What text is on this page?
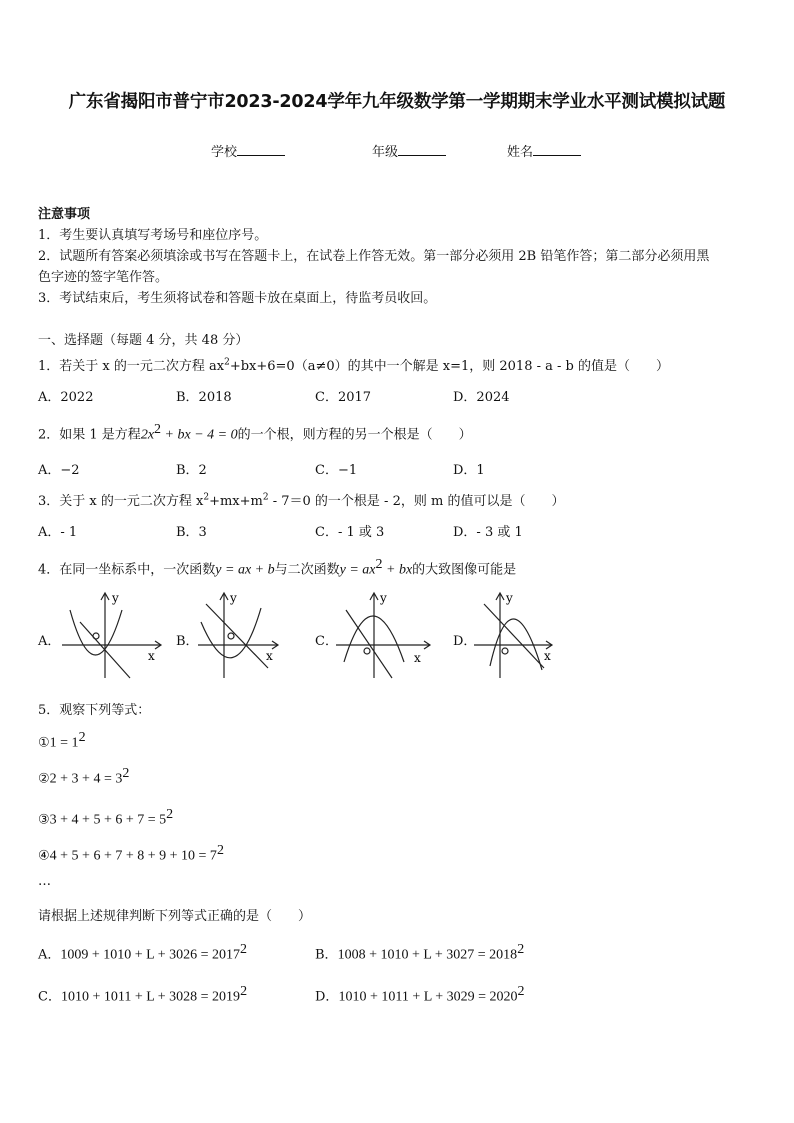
广东省揭阳市普宁市2023-2024学年九年级数学第一学期期末学业水平测试模拟试题
学校	年级	姓名
注意事项
1．考生要认真填写考场号和座位序号。
2．试题所有答案必须填涂或书写在答题卡上，在试卷上作答无效。第一部分必须用 2B 铅笔作答；第二部分必须用黑
色字迹的签字笔作答。
3．考试结束后，考生须将试卷和答题卡放在桌面上，待监考员收回。
一、选择题（每题 4 分，共 48 分）
1．若关于 x 的一元二次方程 $ax^2+bx+6=0(a\ne 0)$的其中一个解是 x=1，则 2018 - a - b 的值是（　　）
A．2022	B．2018	C．2017	D．2024
2．如果 1 是方程$2x^2$ + bx − 4 = 0的一个根，则方程的另一个根是（　　）
A．−2	B．2	C．−1	D．1
3．关于 x 的一元二次方程 $x^2+mx+m^2 - 7=0$ 的一个根是 - 2，则 m 的值可以是（　　）
A．- 1	B．3	C．- 1 或 3	D．- 3 或 1
4．在同一坐标系中，一次函数y = ax + b与二次函数$y = ax^2$ + bx的大致图像可能是
A．
y
x
B．
y
x
C．
y
x
D．
y
x
5．观察下列等式：
①1 = $1^2$
②2 + $3 + 4 = 3^2$
③3 + $4 + 5 + 6 + 7 = 5^2$
④4 + $5 + 6 + 7 + 8 + 9 + 10 = 7^2$
…
请根据上述规律判断下列等式正确的是（　　）
A．$1009 + 1010 + L + 3026 = 2017^2$	B．$1008 + 1010 + L + 3027 = 2018^2$
C．$1010 + 1011 + L + 3028 = 2019^2$	D．$1010 + 1011 + L + 3029 = 2020^2$
